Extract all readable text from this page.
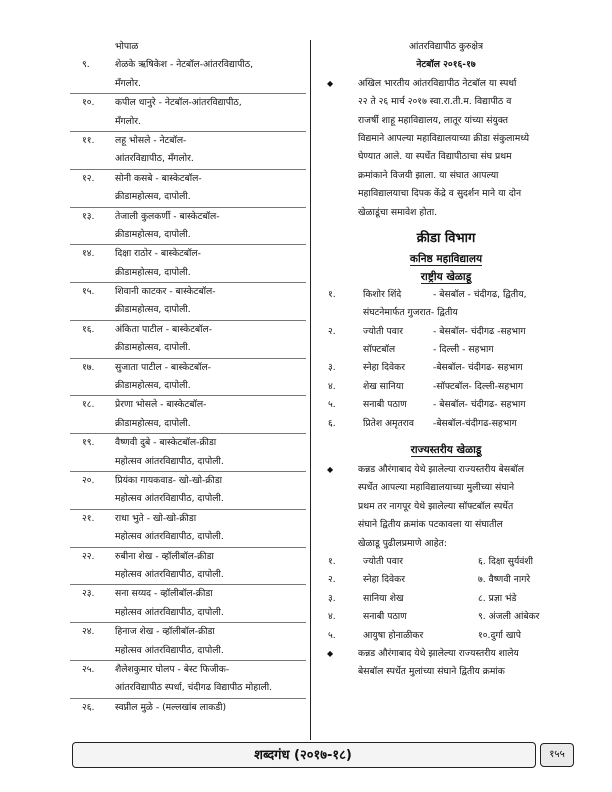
भोपाळ
९.	शेळके ऋषिकेश - नेटबॉल-आंतरविद्यापीठ,
मँगलोर.
१०.	कपील धानुरे - नेटबॉल-आंतरविद्यापीठ,
मँगलोर.
११.	लहू भोसले - नेटबॉल-
आंतरविद्यापीठ, मँगलोर.
१२.	सोनी कसबे - बास्केटबॉल-
क्रीडामहोत्सव, दापोली.
१३.	तेजाली कुलकर्णी - बास्केटबॉल-
क्रीडामहोत्सव, दापोली.
१४.	दिक्षा राठोर - बास्केटबॉल-
क्रीडामहोत्सव, दापोली.
१५.	शिवानी काटकर - बास्केटबॉल-
क्रीडामहोत्सव, दापोली.
१६.	अंकिता पाटील - बास्केटबॉल-
क्रीडामहोत्सव, दापोली.
१७.	सुजाता पाटील - बास्केटबॉल-
क्रीडामहोत्सव, दापोली.
१८.	प्रेरणा भोसले - बास्केटबॉल-
क्रीडामहोत्सव, दापोली.
१९.	वैष्णवी दुबे - बास्केटबॉल-क्रीडा
महोत्सव आंतरविद्यापीठ, दापोली.
२०.	प्रियंका गायकवाड- खो-खो-क्रीडा
महोत्सव आंतरविद्यापीठ, दापोली.
२१.	राधा भुते - खो-खो-क्रीडा
महोत्सव आंतरविद्यापीठ, दापोली.
२२.	रुबीना शेख - व्हॉलीबॉल-क्रीडा
महोत्सव आंतरविद्यापीठ, दापोली.
२३.	सना सय्यद - व्हॉलीबॉल-क्रीडा
महोत्सव आंतरविद्यापीठ, दापोली.
२४.	हिनाज शेख - व्हॉलीबॉल-क्रीडा
महोत्सव आंतरविद्यापीठ, दापोली.
२५.	शैलेशकुमार घोलप - बेस्ट फिजीक-
आंतरविद्यापीठ स्पर्धा, चंदीगढ विद्यापीठ मोहाली.
२६.	स्वप्नील मुळे - (मल्लखांब लाकडी)
आंतरविद्यापीठ कुरुक्षेत्र
नेटबॉल २०१६-१७
◆	अखिल भारतीय आंतरविद्यापीठ नेटबॉल या स्पर्धा
२२ ते २६ मार्च २०१७ स्वा.रा.ती.म. विद्यापीठ व
राजर्षी शाहू महाविद्यालय, लातूर यांच्या संयुक्त
विद्यमाने आपल्या महाविद्यालयाच्या क्रीडा संकुलामध्ये
घेण्यात आले. या स्पर्धेत विद्यापीठाचा संघ प्रथम
क्रमांकाने विजयी झाला. या संघात आपल्या
महाविद्यालयाचा दिपक केंद्रे व सुदर्शन माने या दोन
खेळाडूंचा समावेश होता.
क्रीडा विभाग
कनिष्ठ महाविद्यालय
राष्ट्रीय खेळाडू
१.	किशोर शिंदे	- बेसबॉल - चंदीगढ, द्वितीय,
संघटनेमार्फत गुजरात- द्वितीय
२.	ज्योती पवार	- बेसबॉल- चंदीगढ -सहभाग
सॉफ्टबॉल	- दिल्ली - सहभाग
३.	स्नेहा दिवेकर	-बेसबॉल- चंदीगढ- सहभाग
४.	शेख सानिया	-सॉफ्टबॉल- दिल्ली-सहभाग
५.	सनाबी पठाण	- बेसबॉल- चंदीगढ- सहभाग
६.	प्रितेश अमृतराव -बेसबॉल-चंदीगढ-सहभाग
राज्यस्तरीय खेळाडू
◆	कन्नड औरंगाबाद येथे झालेल्या राज्यस्तरीय बेसबॉल
स्पर्धेत आपल्या महाविद्यालयाच्या मुलीच्या संघाने
प्रथम तर नागपूर येथे झालेल्या सॉफ्टबॉल स्पर्धेत
संघाने द्वितीय क्रमांक पटकावला या संघातील
खेळाडू पुढीलप्रमाणे आहेत:
१.	ज्योती पवार	६. दिक्षा सुर्यवंशी
२.	स्नेहा दिवेकर	७. वैष्णवी नागरे
३.	सानिया शेख	८. प्रज्ञा भंडे
४.	सनाबी पठाण	९. अंजली आंबेकर
५.	आयुषा होनाळीकर	१०.दुर्गा खापे
◆	कन्नड औरंगाबाद येथे झालेल्या राज्यस्तरीय शालेय
बेसबॉल स्पर्धेत मुलांच्या संघाने द्वितीय क्रमांक
शब्दगंध (२०१७-१८)	१५५
